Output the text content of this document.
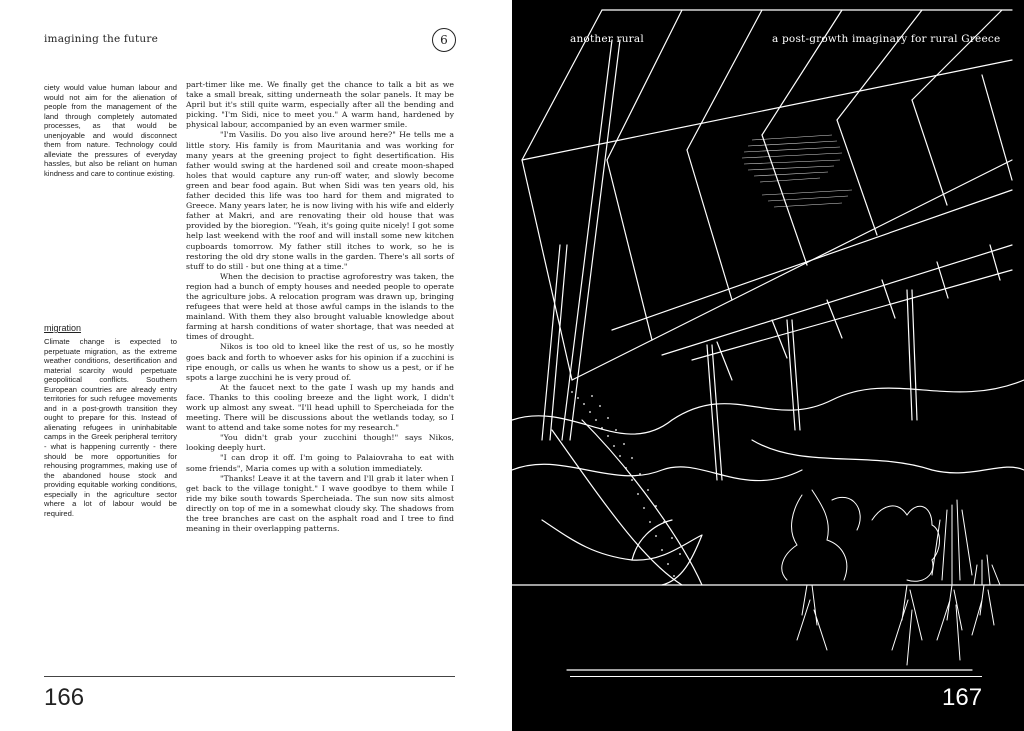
imagining the future	6
ciety would value human labour and would not aim for the alienation of people from the management of the land through completely automated processes, as that would be unenjoyable and would disconnect them from nature. Technology could alleviate the pressures of everyday hassles, but also be reliant on human kindness and care to continue existing.
migration
Climate change is expected to perpetuate migration, as the extreme weather conditions, desertification and material scarcity would perpetuate geopolitical conflicts. Southern European countries are already entry territories for such refugee movements and in a post-growth transition they ought to prepare for this. Instead of alienating refugees in uninhabitable camps in the Greek peripheral territory - what is happening currently - there should be more opportunities for rehousing programmes, making use of the abandoned house stock and providing equitable working conditions, especially in the agriculture sector where a lot of labour would be required.

part-timer like me. We finally get the chance to talk a bit as we take a small break, sitting underneath the solar panels. It may be April but it's still quite warm, especially after all the bending and picking. "I'm Sidi, nice to meet you." A warm hand, hardened by physical labour, accompanied by an even warmer smile.

"I'm Vasilis. Do you also live around here?" He tells me a little story. His family is from Mauritania and was working for many years at the greening project to fight desertification. His father would swing at the hardened soil and create moon-shaped holes that would capture any run-off water, and slowly become green and bear food again. But when Sidi was ten years old, his father decided this life was too hard for them and migrated to Greece. Many years later, he is now living with his wife and elderly father at Makri, and are renovating their old house that was provided by the bioregion. "Yeah, it's going quite nicely! I got some help last weekend with the roof and will install some new kitchen cupboards tomorrow. My father still itches to work, so he is restoring the old dry stone walls in the garden. There's all sorts of stuff to do still - but one thing at a time."

When the decision to practise agroforestry was taken, the region had a bunch of empty houses and needed people to operate the agriculture jobs. A relocation program was drawn up, bringing refugees that were held at those awful camps in the islands to the mainland. With them they also brought valuable knowledge about farming at harsh conditions of water shortage, that was needed at times of drought.

Nikos is too old to kneel like the rest of us, so he mostly goes back and forth to whoever asks for his opinion if a zucchini is ripe enough, or calls us when he wants to show us a pest, or if he spots a large zucchini he is very proud of.

At the faucet next to the gate I wash up my hands and face. Thanks to this cooling breeze and the light work, I didn't work up almost any sweat. "I'll head uphill to Spercheiada for the meeting. There will be discussions about the wetlands today, so I want to attend and take some notes for my research."

"You didn't grab your zucchini though!" says Nikos, looking deeply hurt.

"I can drop it off. I'm going to Palaiovraha to eat with some friends", Maria comes up with a solution immediately.

"Thanks! Leave it at the tavern and I'll grab it later when I get back to the village tonight." I wave goodbye to them while I ride my bike south towards Spercheiada. The sun now sits almost directly on top of me in a somewhat cloudy sky. The shadows from the tree branches are cast on the asphalt road and I tree to find meaning in their overlapping patterns.

166
another rural	a post-growth imaginary for rural Greece
167
